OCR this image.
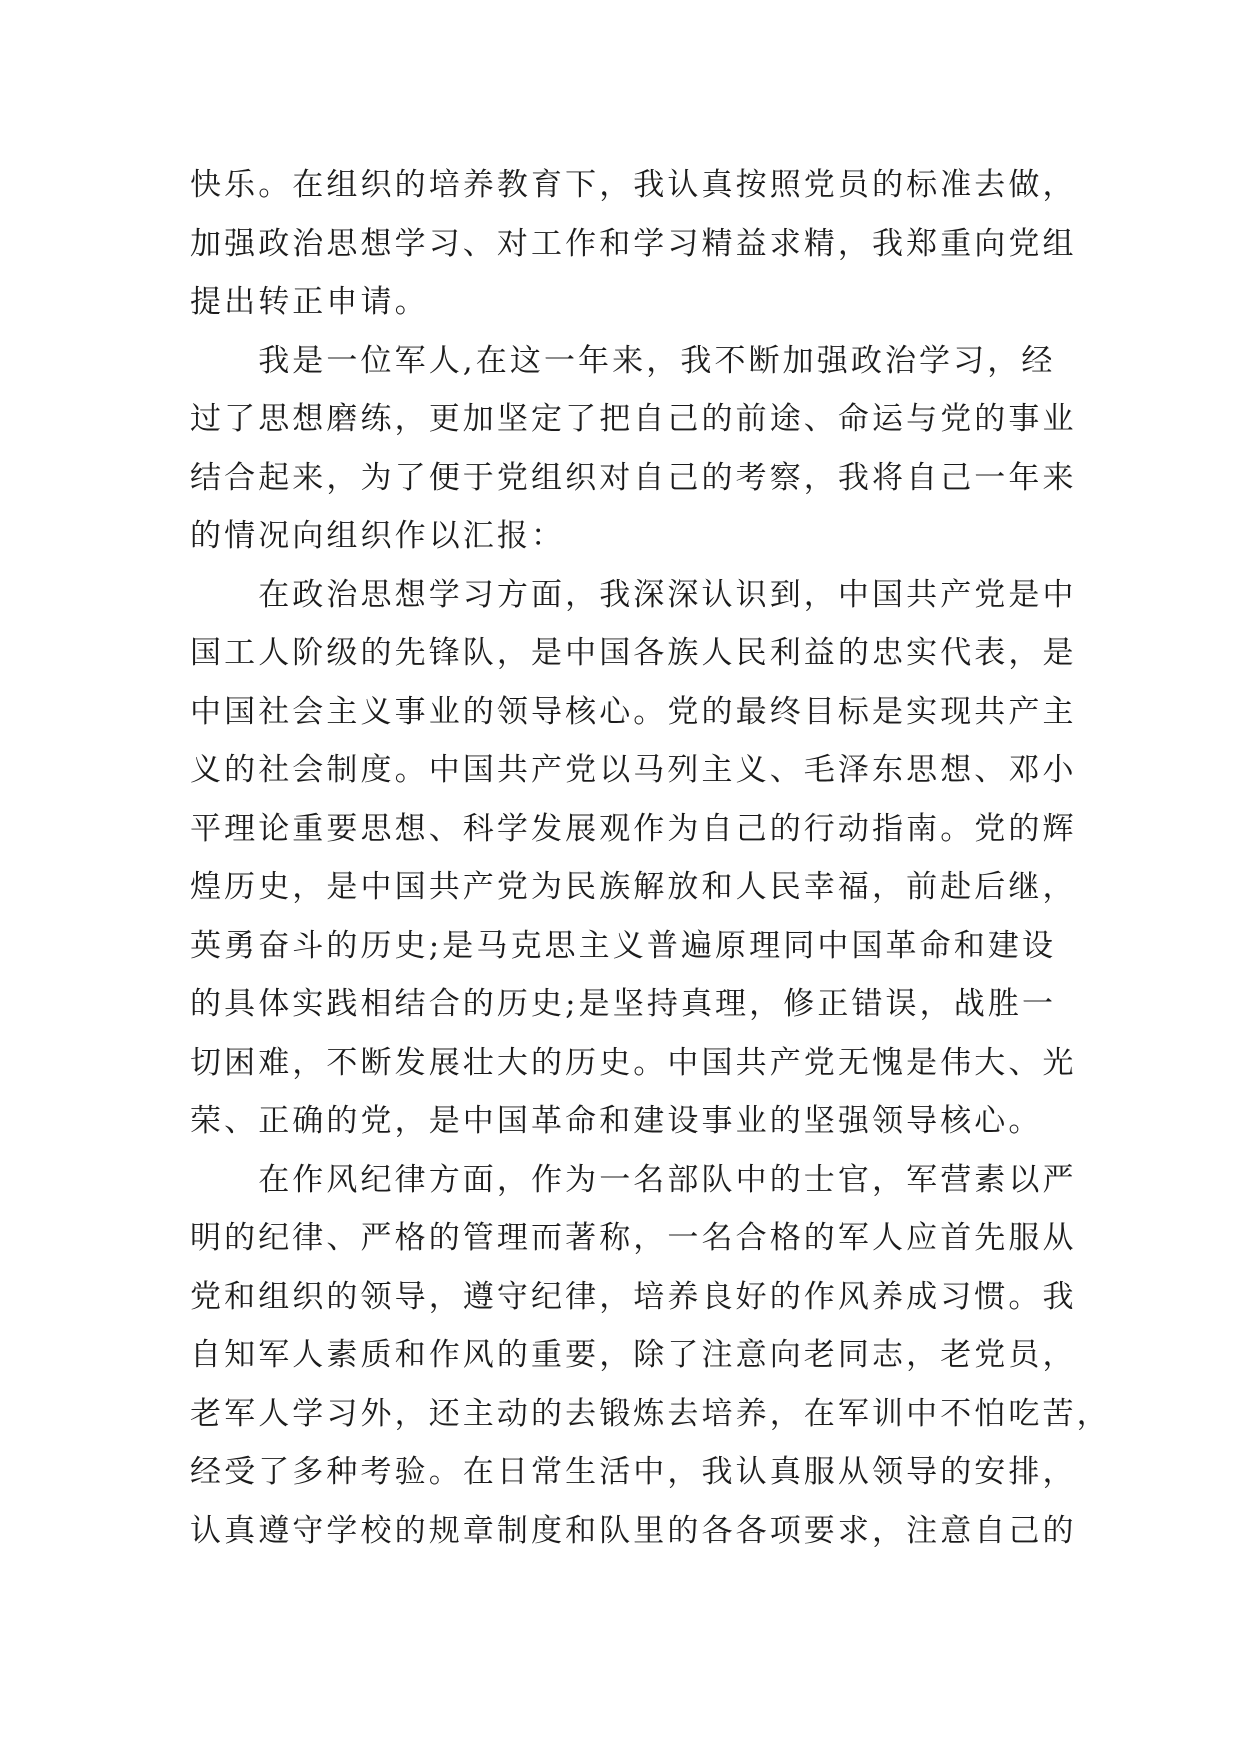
快乐。在组织的培养教育下，我认真按照党员的标准去做，
加强政治思想学习、对工作和学习精益求精，我郑重向党组
提出转正申请。
　　我是一位军人,在这一年来，我不断加强政治学习，经
过了思想磨练，更加坚定了把自己的前途、命运与党的事业
结合起来，为了便于党组织对自己的考察，我将自己一年来
的情况向组织作以汇报：
　　在政治思想学习方面，我深深认识到，中国共产党是中
国工人阶级的先锋队，是中国各族人民利益的忠实代表，是
中国社会主义事业的领导核心。党的最终目标是实现共产主
义的社会制度。中国共产党以马列主义、毛泽东思想、邓小
平理论重要思想、科学发展观作为自己的行动指南。党的辉
煌历史，是中国共产党为民族解放和人民幸福，前赴后继，
英勇奋斗的历史;是马克思主义普遍原理同中国革命和建设
的具体实践相结合的历史;是坚持真理，修正错误，战胜一
切困难，不断发展壮大的历史。中国共产党无愧是伟大、光
荣、正确的党，是中国革命和建设事业的坚强领导核心。
　　在作风纪律方面，作为一名部队中的士官，军营素以严
明的纪律、严格的管理而著称，一名合格的军人应首先服从
党和组织的领导，遵守纪律，培养良好的作风养成习惯。我
自知军人素质和作风的重要，除了注意向老同志，老党员，
老军人学习外，还主动的去锻炼去培养，在军训中不怕吃苦，
经受了多种考验。在日常生活中，我认真服从领导的安排，
认真遵守学校的规章制度和队里的各各项要求，注意自己的
